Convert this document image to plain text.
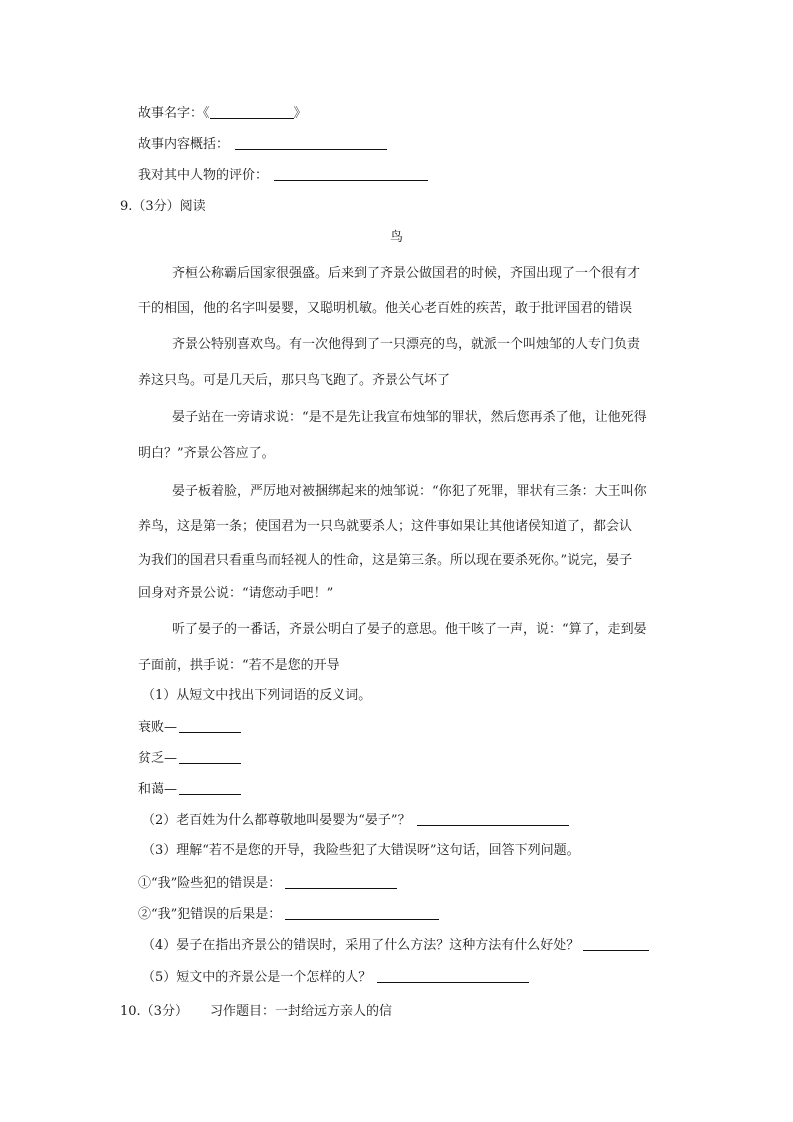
故事名字：《	》
故事内容概括：
我对其中人物的评价：
9.（3分）阅读
鸟
齐桓公称霸后国家很强盛。后来到了齐景公做国君的时候，齐国出现了一个很有才
干的相国，他的名字叫晏婴，又聪明机敏。他关心老百姓的疾苦，敢于批评国君的错误
齐景公特别喜欢鸟。有一次他得到了一只漂亮的鸟，就派一个叫烛邹的人专门负责
养这只鸟。可是几天后，那只鸟飞跑了。齐景公气坏了
晏子站在一旁请求说：“是不是先让我宣布烛邹的罪状，然后您再杀了他，让他死得
明白？”齐景公答应了。
晏子板着脸，严厉地对被捆绑起来的烛邹说：“你犯了死罪，罪状有三条：大王叫你
养鸟，这是第一条；使国君为一只鸟就要杀人；这件事如果让其他诸侯知道了，都会认
为我们的国君只看重鸟而轻视人的性命，这是第三条。所以现在要杀死你。”说完，晏子
回身对齐景公说：“请您动手吧！”
听了晏子的一番话，齐景公明白了晏子的意思。他干咳了一声，说：“算了，走到晏
子面前，拱手说：“若不是您的开导
（1）从短文中找出下列词语的反义词。
衰败—
贫乏—
和蔼—
（2）老百姓为什么都尊敬地叫晏婴为“晏子”？
（3）理解“若不是您的开导，我险些犯了大错误呀”这句话，回答下列问题。
①“我”险些犯的错误是：
②“我”犯错误的后果是：
（4）晏子在指出齐景公的错误时，采用了什么方法？这种方法有什么好处？
（5）短文中的齐景公是一个怎样的人？
10.（3分） 习作题目：一封给远方亲人的信
